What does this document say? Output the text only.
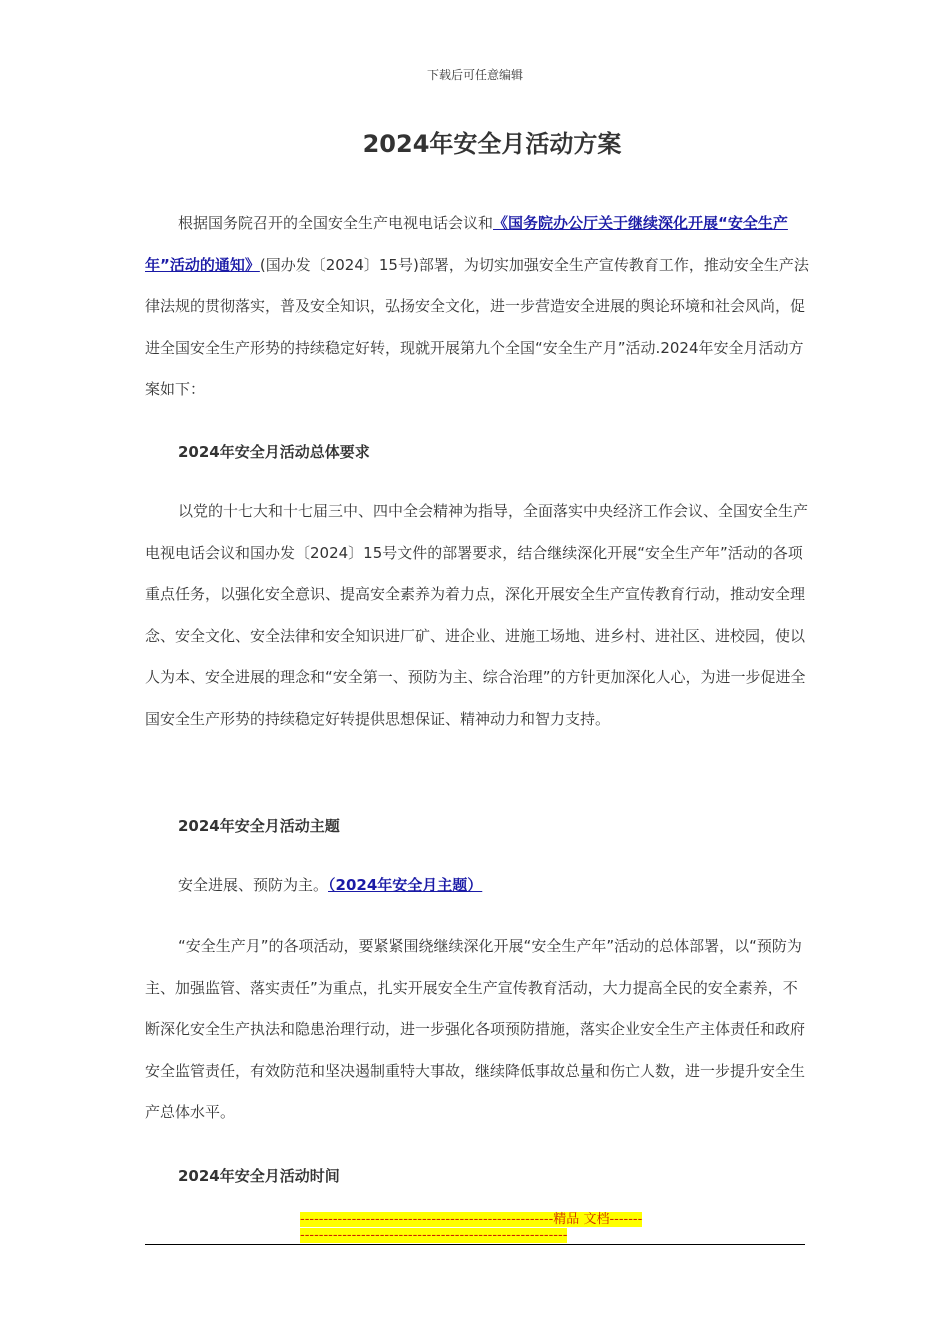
下载后可任意编辑
2024年安全月活动方案

根据国务院召开的全国安全生产电视电话会议和《国务院办公厅关于继续深化开展“安全生产年”活动的通知》(国办发〔2024〕15号)部署，为切实加强安全生产宣传教育工作，推动安全生产法律法规的贯彻落实，普及安全知识，弘扬安全文化，进一步营造安全进展的舆论环境和社会风尚，促进全国安全生产形势的持续稳定好转，现就开展第九个全国“安全生产月”活动.2024年安全月活动方案如下：

2024年安全月活动总体要求

以党的十七大和十七届三中、四中全会精神为指导，全面落实中央经济工作会议、全国安全生产电视电话会议和国办发〔2024〕15号文件的部署要求，结合继续深化开展“安全生产年”活动的各项重点任务，以强化安全意识、提高安全素养为着力点，深化开展安全生产宣传教育行动，推动安全理念、安全文化、安全法律和安全知识进厂矿、进企业、进施工场地、进乡村、进社区、进校园，使以人为本、安全进展的理念和“安全第一、预防为主、综合治理”的方针更加深化人心，为进一步促进全国安全生产形势的持续稳定好转提供思想保证、精神动力和智力支持。

2024年安全月活动主题

安全进展、预防为主。（2024年安全月主题）

“安全生产月”的各项活动，要紧紧围绕继续深化开展“安全生产年”活动的总体部署，以“预防为主、加强监管、落实责任”为重点，扎实开展安全生产宣传教育活动，大力提高全民的安全素养，不断深化安全生产执法和隐患治理行动，进一步强化各项预防措施，落实企业安全生产主体责任和政府安全监管责任，有效防范和坚决遏制重特大事故，继续降低事故总量和伤亡人数，进一步提升安全生产总体水平。

2024年安全月活动时间
------------------------------------------------------精品 文档----------------------------------------------------------------
